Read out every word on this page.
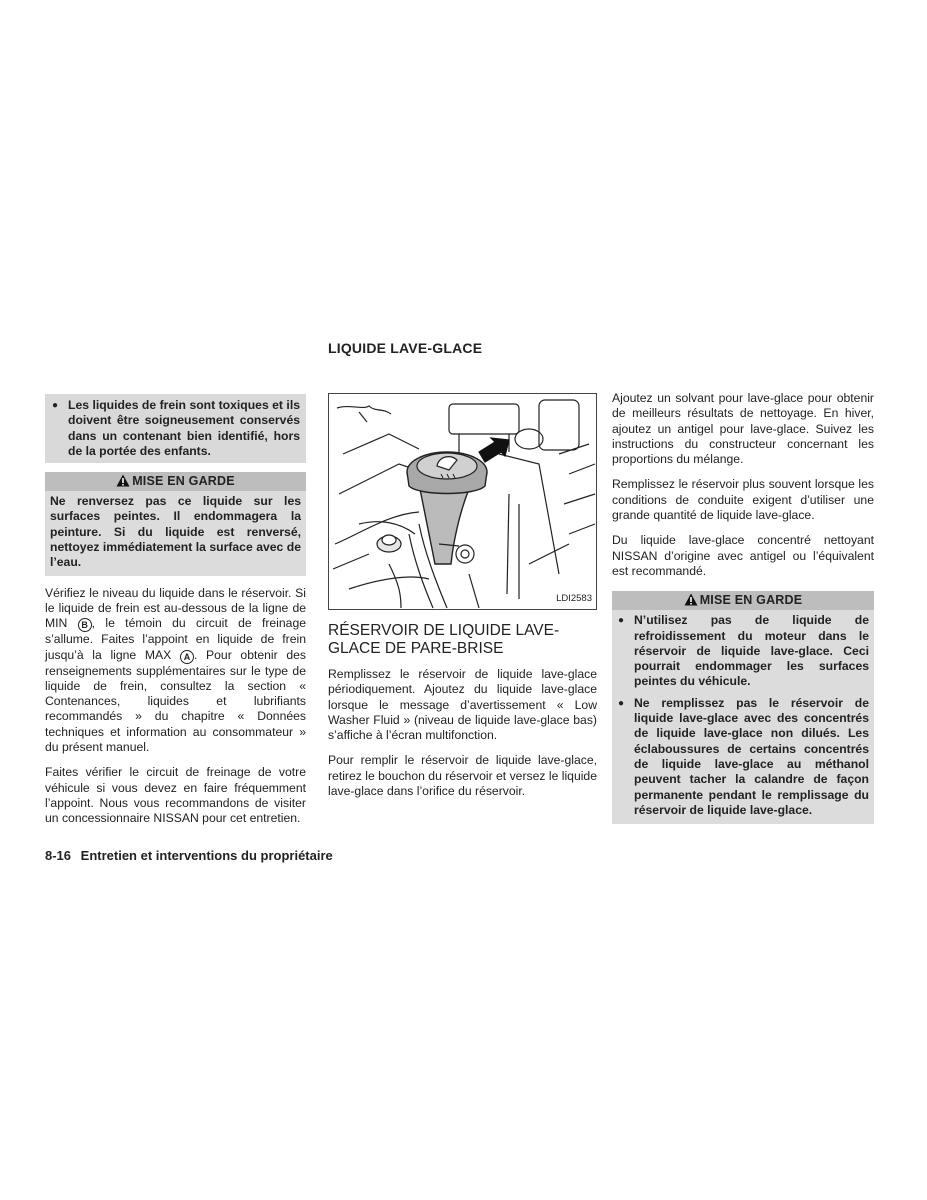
LIQUIDE LAVE-GLACE
● Les liquides de frein sont toxiques et ils doivent être soigneusement conservés dans un contenant bien identifié, hors de la portée des enfants.
MISE EN GARDE
Ne renversez pas ce liquide sur les surfaces peintes. Il endommagera la peinture. Si du liquide est renversé, nettoyez immédiatement la surface avec de l’eau.

Vérifiez le niveau du liquide dans le réservoir. Si le liquide de frein est au-dessous de la ligne de MIN B , le témoin du circuit de freinage s’allume. Faites l’appoint en liquide de frein jusqu’à la ligne MAX A . Pour obtenir des renseignements supplémentaires sur le type de liquide de frein, consultez la section « Contenances, liquides et lubrifiants recommandés » du chapitre « Données techniques et information au consommateur » du présent manuel.

Faites vérifier le circuit de freinage de votre véhicule si vous devez en faire fréquemment l’appoint. Nous vous recommandons de visiter un concessionnaire NISSAN pour cet entretien.

LDI2583
RÉSERVOIR DE LIQUIDE LAVE-GLACE DE PARE-BRISE

Remplissez le réservoir de liquide lave-glace périodiquement. Ajoutez du liquide lave-glace lorsque le message d’avertissement « Low Washer Fluid » (niveau de liquide lave-glace bas) s’affiche à l’écran multifonction.

Pour remplir le réservoir de liquide lave-glace, retirez le bouchon du réservoir et versez le liquide lave-glace dans l’orifice du réservoir.

Ajoutez un solvant pour lave-glace pour obtenir de meilleurs résultats de nettoyage. En hiver, ajoutez un antigel pour lave-glace. Suivez les instructions du constructeur concernant les proportions du mélange.

Remplissez le réservoir plus souvent lorsque les conditions de conduite exigent d’utiliser une grande quantité de liquide lave-glace.

Du liquide lave-glace concentré nettoyant NISSAN d’origine avec antigel ou l’équivalent est recommandé.

MISE EN GARDE
● N’utilisez pas de liquide de refroidissement du moteur dans le réservoir de liquide lave-glace. Ceci pourrait endommager les surfaces peintes du véhicule.
● Ne remplissez pas le réservoir de liquide lave-glace avec des concentrés de liquide lave-glace non dilués. Les éclaboussures de certains concentrés de liquide lave-glace au méthanol peuvent tacher la calandre de façon permanente pendant le remplissage du réservoir de liquide lave-glace.
8-16 Entretien et interventions du propriétaire
